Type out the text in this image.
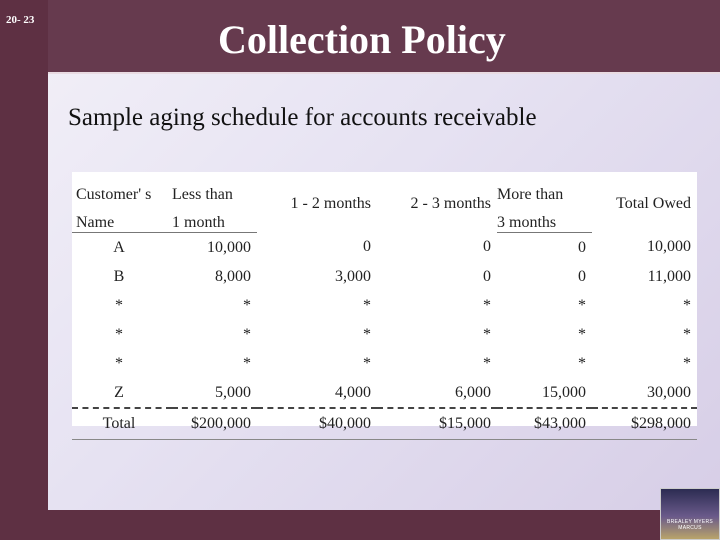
20- 23	Collection Policy
Sample aging schedule for accounts receivable
Customer' s	Less than	1 - 2 months	2 - 3 months	More than	Total Owed
Name	1 month			3 months	
A	10,000	0	0	0	10,000
B	8,000	3,000	0	0	11,000
*	*	*	*	*	*
*	*	*	*	*	*
*	*	*	*	*	*
Z	5,000	4,000	6,000	15,000	30,000
Total	$200,000	$40,000	$15,000	$43,000	$298,000
BREALEY MYERS MARCUS
